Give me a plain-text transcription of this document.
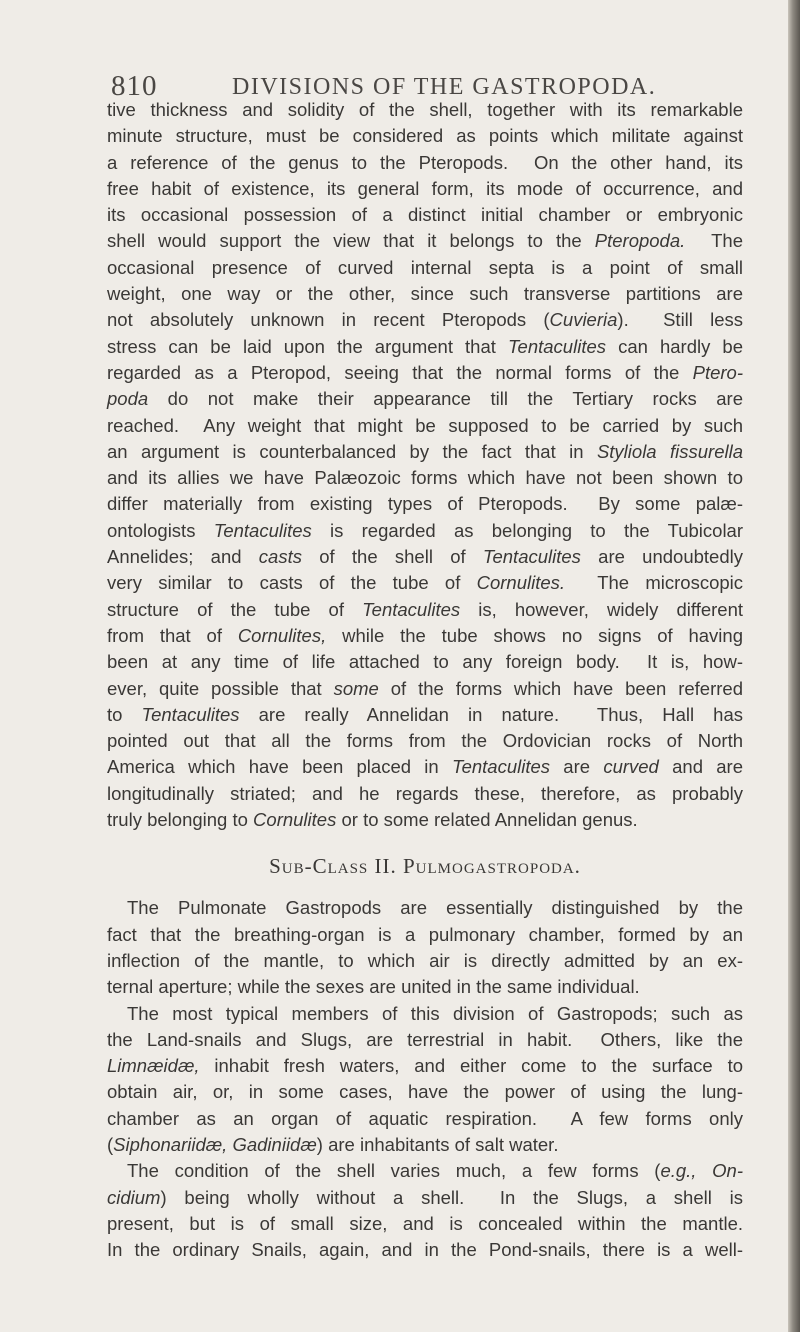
810	DIVISIONS OF THE GASTROPODA.
tive thickness and solidity of the shell, together with its remarkable
minute structure, must be considered as points which militate against
a reference of the genus to the Pteropods.  On the other hand, its
free habit of existence, its general form, its mode of occurrence, and
its occasional possession of a distinct initial chamber or embryonic
shell would support the view that it belongs to the Pteropoda.  The
occasional presence of curved internal septa is a point of small
weight, one way or the other, since such transverse partitions are
not absolutely unknown in recent Pteropods (Cuvieria).  Still less
stress can be laid upon the argument that Tentaculites can hardly be
regarded as a Pteropod, seeing that the normal forms of the Ptero-
poda do not make their appearance till the Tertiary rocks are
reached.  Any weight that might be supposed to be carried by such
an argument is counterbalanced by the fact that in Styliola fissurella
and its allies we have Palæozoic forms which have not been shown to
differ materially from existing types of Pteropods.  By some palæ-
ontologists Tentaculites is regarded as belonging to the Tubicolar
Annelides; and casts of the shell of Tentaculites are undoubtedly
very similar to casts of the tube of Cornulites.  The microscopic
structure of the tube of Tentaculites is, however, widely different
from that of Cornulites, while the tube shows no signs of having
been at any time of life attached to any foreign body.  It is, how-
ever, quite possible that some of the forms which have been referred
to Tentaculites are really Annelidan in nature.  Thus, Hall has
pointed out that all the forms from the Ordovician rocks of North
America which have been placed in Tentaculites are curved and are
longitudinally striated; and he regards these, therefore, as probably
truly belonging to Cornulites or to some related Annelidan genus.
Sub-Class II. Pulmogastropoda.
The Pulmonate Gastropods are essentially distinguished by the
fact that the breathing-organ is a pulmonary chamber, formed by an
inflection of the mantle, to which air is directly admitted by an ex-
ternal aperture; while the sexes are united in the same individual.
The most typical members of this division of Gastropods; such as
the Land-snails and Slugs, are terrestrial in habit.  Others, like the
Limnæidæ, inhabit fresh waters, and either come to the surface to
obtain air, or, in some cases, have the power of using the lung-
chamber as an organ of aquatic respiration.  A few forms only
(Siphonariidæ, Gadiniidæ) are inhabitants of salt water.
The condition of the shell varies much, a few forms (e.g., On-
cidium) being wholly without a shell.  In the Slugs, a shell is
present, but is of small size, and is concealed within the mantle.
In the ordinary Snails, again, and in the Pond-snails, there is a well-
